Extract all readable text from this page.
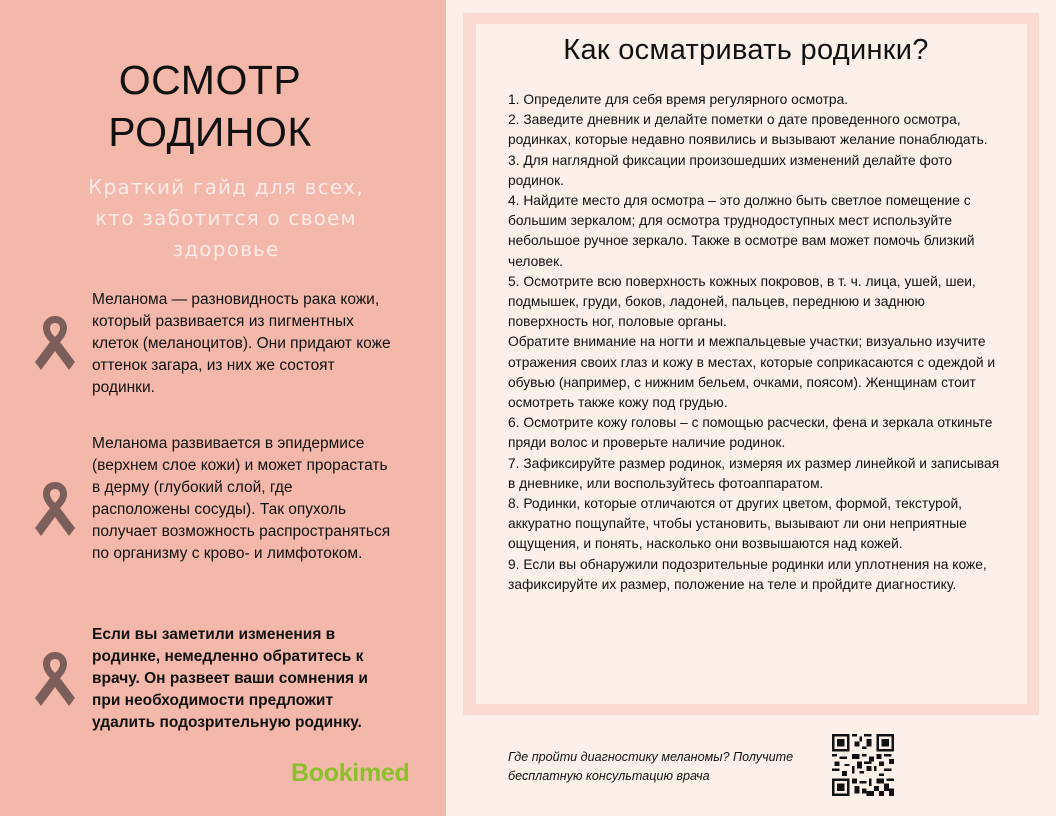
ОСМОТР
РОДИНОК
Краткий гайд для всех, кто заботится о своем здоровье
Меланома — разновидность рака кожи, который развивается из пигментных клеток (меланоцитов). Они придают коже оттенок загара, из них же состоят родинки.
Меланома развивается в эпидермисе (верхнем слое кожи) и может прорастать в дерму (глубокий слой, где расположены сосуды). Так опухоль получает возможность распространяться по организму с крово- и лимфотоком.
Если вы заметили изменения в родинке, немедленно обратитесь к врачу. Он развеет ваши сомнения и при необходимости предложит удалить подозрительную родинку.
Bookimed
Как осматривать родинки?

1. Определите для себя время регулярного осмотра.

2. Заведите дневник и делайте пометки о дате проведенного осмотра, родинках, которые недавно появились и вызывают желание понаблюдать.

3. Для наглядной фиксации произошедших изменений делайте фото родинок.

4. Найдите место для осмотра – это должно быть светлое помещение с большим зеркалом; для осмотра труднодоступных мест используйте небольшое ручное зеркало. Также в осмотре вам может помочь близкий человек.

5. Осмотрите всю поверхность кожных покровов, в т. ч. лица, ушей, шеи, подмышек, груди, боков, ладоней, пальцев, переднюю и заднюю поверхность ног, половые органы.

Обратите внимание на ногти и межпальцевые участки; визуально изучите отражения своих глаз и кожу в местах, которые соприкасаются с одеждой и обувью (например, с нижним бельем, очками, поясом). Женщинам стоит осмотреть также кожу под грудью.

6. Осмотрите кожу головы – с помощью расчески, фена и зеркала откиньте пряди волос и проверьте наличие родинок.

7. Зафиксируйте размер родинок, измеряя их размер линейкой и записывая в дневнике, или воспользуйтесь фотоаппаратом.

8. Родинки, которые отличаются от других цветом, формой, текстурой, аккуратно пощупайте, чтобы установить, вызывают ли они неприятные ощущения, и понять, насколько они возвышаются над кожей.

9. Если вы обнаружили подозрительные родинки или уплотнения на коже, зафиксируйте их размер, положение на теле и пройдите диагностику.

Где пройти диагностику меланомы? Получите бесплатную консультацию врача
